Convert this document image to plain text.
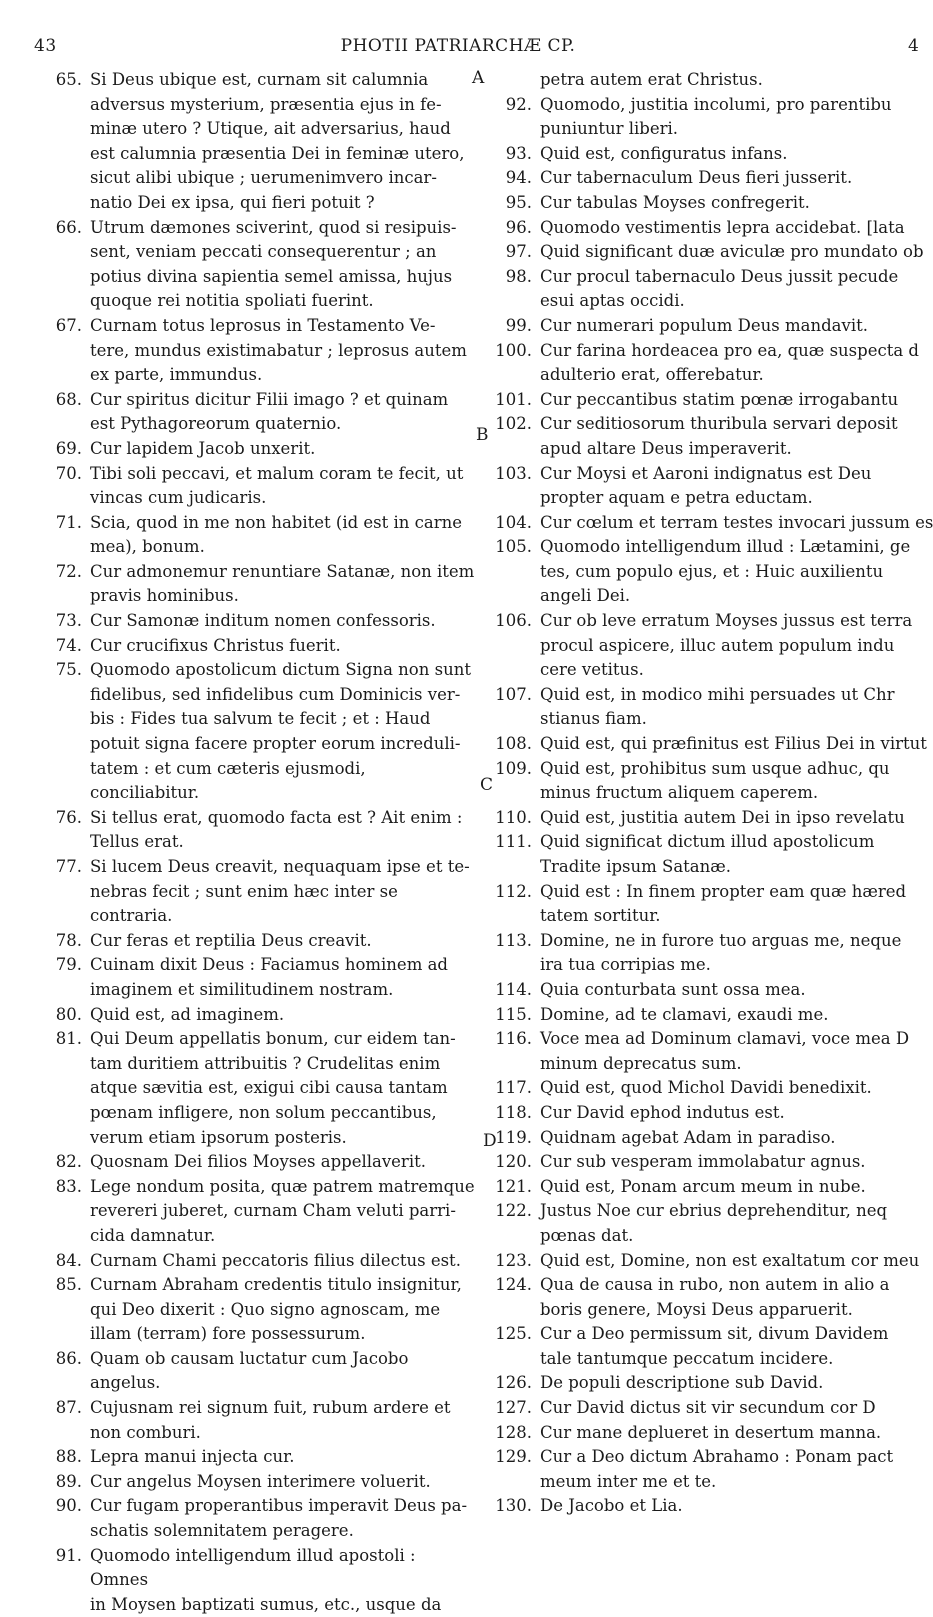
43	PHOTII PATRIARCHÆ CP.	4
A
B
C
D
65. Si Deus ubique est, curnam sit calumnia
adversus mysterium, præsentia ejus in fe-
minæ utero ? Utique, ait adversarius, haud
est calumnia præsentia Dei in feminæ utero,
sicut alibi ubique ; uerumenimvero incar-
natio Dei ex ipsa, qui fieri potuit ?
66. Utrum dæmones sciverint, quod si resipuis-
sent, veniam peccati consequerentur ; an
potius divina sapientia semel amissa, hujus
quoque rei notitia spoliati fuerint.
67. Curnam totus leprosus in Testamento Ve-
tere, mundus existimabatur ; leprosus autem
ex parte, immundus.
68. Cur spiritus dicitur Filii imago ? et quinam
est Pythagoreorum quaternio.
69. Cur lapidem Jacob unxerit.
70. Tibi soli peccavi, et malum coram te fecit, ut
vincas cum judicaris.
71. Scia, quod in me non habitet (id est in carne
mea), bonum.
72. Cur admonemur renuntiare Satanæ, non item
pravis hominibus.
73. Cur Samonæ inditum nomen confessoris.
74. Cur crucifixus Christus fuerit.
75. Quomodo apostolicum dictum Signa non sunt
fidelibus, sed infidelibus cum Dominicis ver-
bis : Fides tua salvum te fecit ; et : Haud
potuit signa facere propter eorum increduli-
tatem : et cum cæteris ejusmodi, conciliabitur.
76. Si tellus erat, quomodo facta est ? Ait enim :
Tellus erat.
77. Si lucem Deus creavit, nequaquam ipse et te-
nebras fecit ; sunt enim hæc inter se contraria.
78. Cur feras et reptilia Deus creavit.
79. Cuinam dixit Deus : Faciamus hominem ad
imaginem et similitudinem nostram.
80. Quid est, ad imaginem.
81. Qui Deum appellatis bonum, cur eidem tan-
tam duritiem attribuitis ? Crudelitas enim
atque sævitia est, exigui cibi causa tantam
pœnam infligere, non solum peccantibus,
verum etiam ipsorum posteris.
82. Quosnam Dei filios Moyses appellaverit.
83. Lege nondum posita, quæ patrem matremque
revereri juberet, curnam Cham veluti parri-
cida damnatur.
84. Curnam Chami peccatoris filius dilectus est.
85. Curnam Abraham credentis titulo insignitur,
qui Deo dixerit : Quo signo agnoscam, me
illam (terram) fore possessurum.
86. Quam ob causam luctatur cum Jacobo angelus.
87. Cujusnam rei signum fuit, rubum ardere et
non comburi.
88. Lepra manui injecta cur.
89. Cur angelus Moysen interimere voluerit.
90. Cur fugam properantibus imperavit Deus pa-
schatis solemnitatem peragere.
91. Quomodo intelligendum illud apostoli : Omnes
in Moysen baptizati sumus, etc., usque da
petra autem erat Christus.
92. Quomodo, justitia incolumi, pro parentibu
puniuntur liberi.
93. Quid est, configuratus infans.
94. Cur tabernaculum Deus fieri jusserit.
95. Cur tabulas Moyses confregerit.
96. Quomodo vestimentis lepra accidebat. [lata
97. Quid significant duæ aviculæ pro mundato ob
98. Cur procul tabernaculo Deus jussit pecude
esui aptas occidi.
99. Cur numerari populum Deus mandavit.
100. Cur farina hordeacea pro ea, quæ suspecta d
adulterio erat, offerebatur.
101. Cur peccantibus statim pœnæ irrogabantu
102. Cur seditiosorum thuribula servari deposit
apud altare Deus imperaverit.
103. Cur Moysi et Aaroni indignatus est Deu
propter aquam e petra eductam.
104. Cur cœlum et terram testes invocari jussum es
105. Quomodo intelligendum illud : Lætamini, ge
tes, cum populo ejus, et : Huic auxilientu
angeli Dei.
106. Cur ob leve erratum Moyses jussus est terra
procul aspicere, illuc autem populum indu
cere vetitus.
107. Quid est, in modico mihi persuades ut Chr
stianus fiam.
108. Quid est, qui præfinitus est Filius Dei in virtut
109. Quid est, prohibitus sum usque adhuc, qu
minus fructum aliquem caperem.
110. Quid est, justitia autem Dei in ipso revelatu
111. Quid significat dictum illud apostolicum
Tradite ipsum Satanæ.
112. Quid est : In finem propter eam quæ hæred
tatem sortitur.
113. Domine, ne in furore tuo arguas me, neque
ira tua corripias me.
114. Quia conturbata sunt ossa mea.
115. Domine, ad te clamavi, exaudi me.
116. Voce mea ad Dominum clamavi, voce mea D
minum deprecatus sum.
117. Quid est, quod Michol Davidi benedixit.
118. Cur David ephod indutus est.
119. Quidnam agebat Adam in paradiso.
120. Cur sub vesperam immolabatur agnus.
121. Quid est, Ponam arcum meum in nube.
122. Justus Noe cur ebrius deprehenditur, neq
pœnas dat.
123. Quid est, Domine, non est exaltatum cor meu
124. Qua de causa in rubo, non autem in alio a
boris genere, Moysi Deus apparuerit.
125. Cur a Deo permissum sit, divum Davidem
tale tantumque peccatum incidere.
126. De populi descriptione sub David.
127. Cur David dictus sit vir secundum cor D
128. Cur mane deplueret in desertum manna.
129. Cur a Deo dictum Abrahamo : Ponam pact
meum inter me et te.
130. De Jacobo et Lia.
